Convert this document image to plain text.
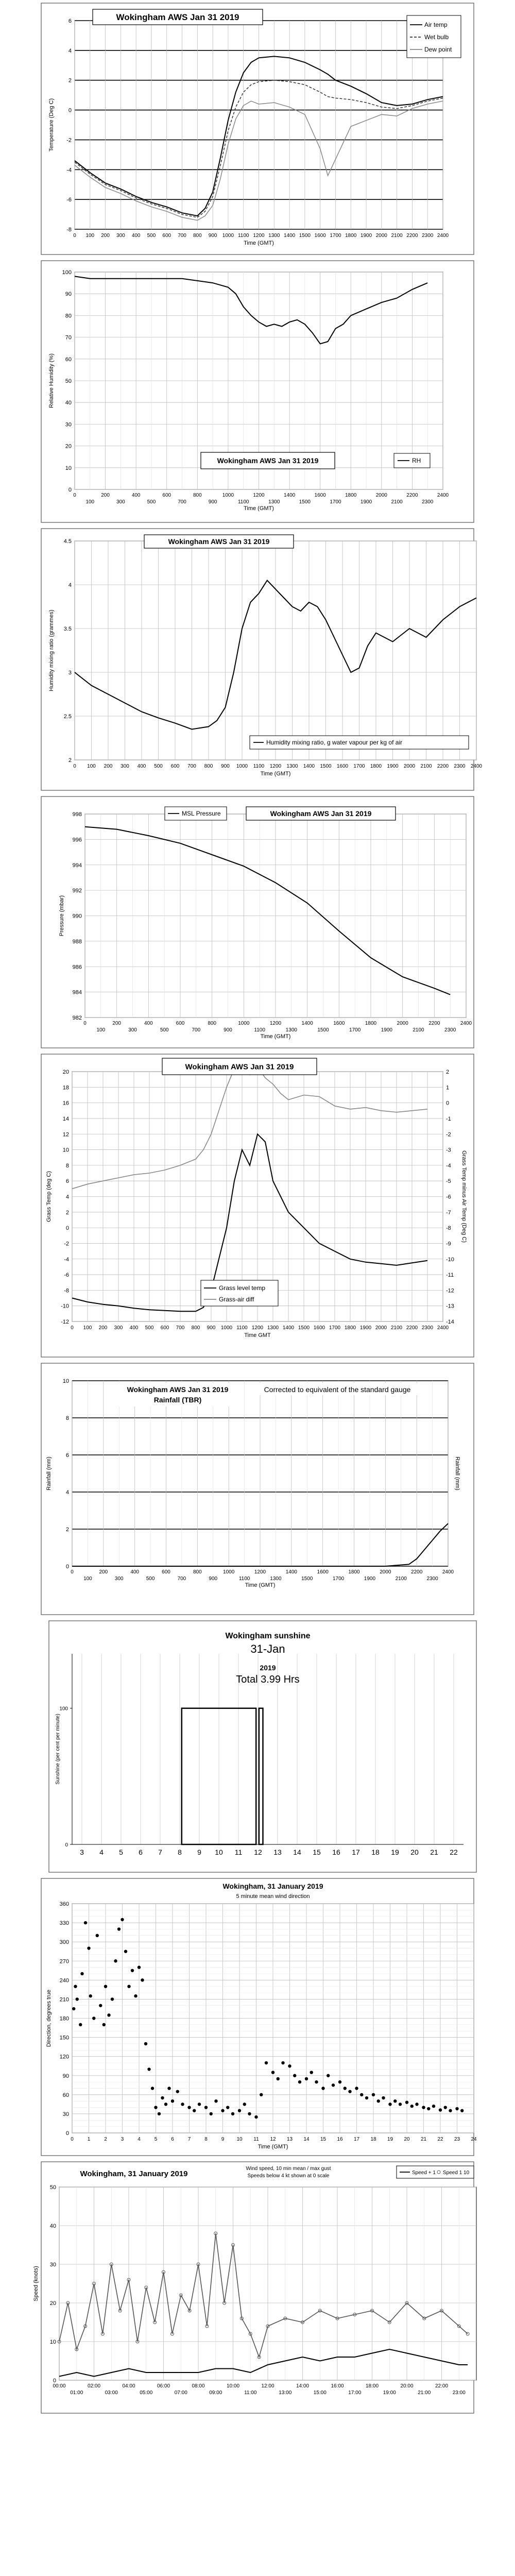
-8
-6
-4
-2
0
2
4
6
0 100 200 300 400 500 600 700 800 900 1000 1100 1200 1300 1400 1500 1600 1700 1800 1900 2000 2100 2200 2300 2400
Time (GMT)
Temperature (Deg C)
Wokingham AWS Jan 31 2019
Air temp
Wet bulb
Dew point
0
10
20
30
40
50
60
70
80
90
100
0	200	400	600	800	1000	1200	1400	1600	1800	2000	2200	2400
100	300	500	700	900	1100	1300	1500	1700	1900	2100	2300
Time (GMT)
Relative Humidity (%)
Wokingham AWS Jan 31 2019	RH
2
2.5
3
3.5
4
4.5
0 100 200 300 400 500 600 700 800 900 1000 1100 1200 1300 1400 1500 1600 1700 1800 1900 2000 2100 2200 2300 2400
Time (GMT)
Humidity mixing ratio (grammes)
Wokingham AWS Jan 31 2019
Humidity mixing ratio, g water vapour per kg of air
982
984
986
988
990
992
994
996
998
0	200	400	600	800	1000	1200	1400	1600	1800	2000	2200	2400
100	300	500	700	900	1100	1300	1500	1700	1900	2100	2300
Time (GMT)
Pressure (mbar)
MSL Pressure	Wokingham AWS Jan 31 2019
-12
-10
-8
-6
-4
-2
0
2
4
6
8
10
12
14
16
18
20
0 100 200 300 400 500 600 700 800 900 1000 1100 1200 1300 1400 1500 1600 1700 1800 1900 2000 2100 2200 2300 2400
Time GMT
Grass Temp (deg C)
2
1
0
-1
-2
-3
-4
-5
-6
-7
-8
-9
-10
-11
-12
-13
-14
Grass Temp minus Air Temp (Deg C)
Wokingham AWS Jan 31 2019
Grass level temp
Grass-air diff
0
2
4
6
8
10
0	200	400	600	800	1000	1200	1400	1600	1800	2000	2200	2400
100	300	500	700	900	1100	1300	1500	1700	1900	2100	2300
Time (GMT)
Rainfall (mm)	Rainfall (mm)
Wokingham AWS Jan 31 2019
Rainfall (TBR)
Corrected to equivalent of the standard gauge
3 4 5 6 7 8 9 10 11 12 13 14 15 16 17 18 19 20 21 22
0
100
Sunshine (per cent per minute)
Wokingham sunshine
31-Jan
2019
Total 3.99 Hrs
0
30
60
90
120
150
180
210
240
270
300
330
360
0	1	2	3	4	5	6	7	8	9 10 11 12 13 14 15 16 17 18 19 20 21 22 23 24
Time (GMT)
Direction, degrees true
Wokingham, 31 January 2019
5 minute mean wind direction
0
10
20
30
40
50
00:00	02:00	04:00	06:00	08:00	10:00	12:00	14:00	16:00	18:00	20:00	22:00
01:00	03:00	05:00	07:00	09:00	11:00	13:00	15:00	17:00	19:00	21:00	23:00
Speed (knots)
Wokingham, 31 January 2019
Wind speed, 10 min mean / max gust
Speeds below 4 kt shown at 0 scale
Speed + 1 Speed 1 10
